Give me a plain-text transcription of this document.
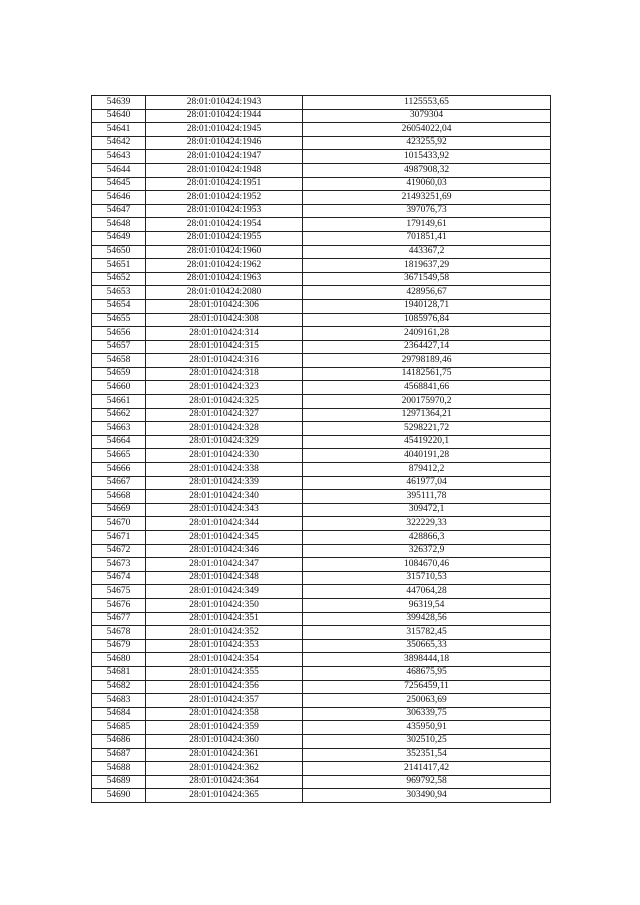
54639	28:01:010424:1943	1125553,65
54640	28:01:010424:1944	3079304
54641	28:01:010424:1945	26054022,04
54642	28:01:010424:1946	423255,92
54643	28:01:010424:1947	1015433,92
54644	28:01:010424:1948	4987908,32
54645	28:01:010424:1951	419060,03
54646	28:01:010424:1952	21493251,69
54647	28:01:010424:1953	397076,73
54648	28:01:010424:1954	179149,61
54649	28:01:010424:1955	701851,41
54650	28:01:010424:1960	443367,2
54651	28:01:010424:1962	1819637,29
54652	28:01:010424:1963	3671549,58
54653	28:01:010424:2080	428956,67
54654	28:01:010424:306	1940128,71
54655	28:01:010424:308	1085976,84
54656	28:01:010424:314	2409161,28
54657	28:01:010424:315	2364427,14
54658	28:01:010424:316	29798189,46
54659	28:01:010424:318	14182561,75
54660	28:01:010424:323	4568841,66
54661	28:01:010424:325	200175970,2
54662	28:01:010424:327	12971364,21
54663	28:01:010424:328	5298221,72
54664	28:01:010424:329	45419220,1
54665	28:01:010424:330	4040191,28
54666	28:01:010424:338	879412,2
54667	28:01:010424:339	461977,04
54668	28:01:010424:340	395111,78
54669	28:01:010424:343	309472,1
54670	28:01:010424:344	322229,33
54671	28:01:010424:345	428866,3
54672	28:01:010424:346	326372,9
54673	28:01:010424:347	1084670,46
54674	28:01:010424:348	315710,53
54675	28:01:010424:349	447064,28
54676	28:01:010424:350	96319,54
54677	28:01:010424:351	399428,56
54678	28:01:010424:352	315782,45
54679	28:01:010424:353	350665,33
54680	28:01:010424:354	3898444,18
54681	28:01:010424:355	468675,95
54682	28:01:010424:356	7256459,11
54683	28:01:010424:357	250063,69
54684	28:01:010424:358	306339,75
54685	28:01:010424:359	435950,91
54686	28:01:010424:360	302510,25
54687	28:01:010424:361	352351,54
54688	28:01:010424:362	2141417,42
54689	28:01:010424:364	969792,58
54690	28:01:010424:365	303490,94
